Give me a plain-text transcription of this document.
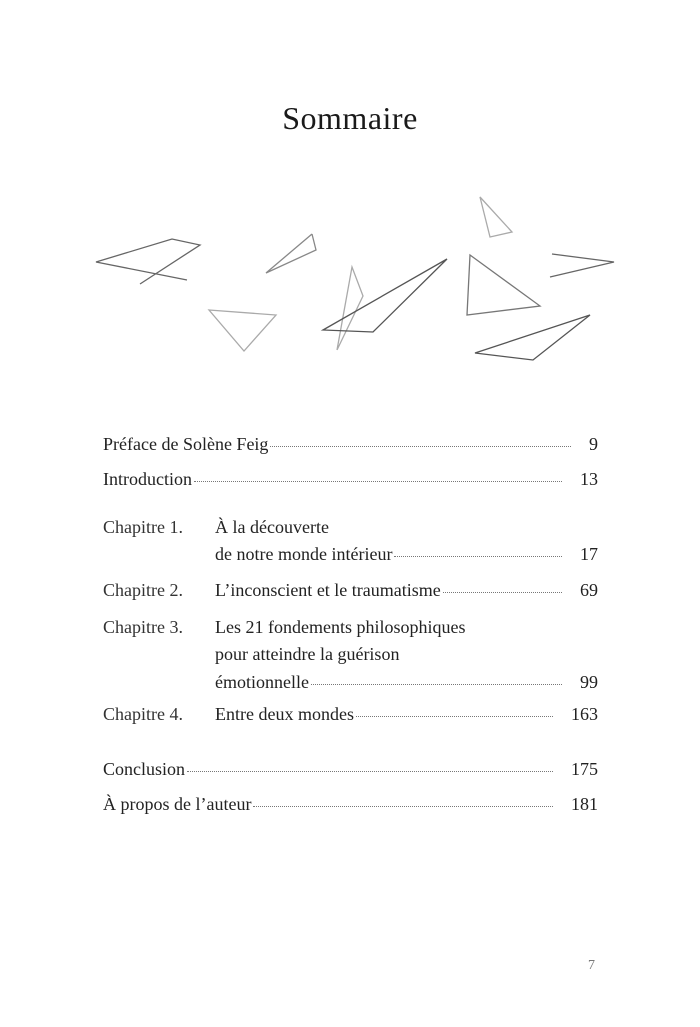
Sommaire
Préface de Solène Feig	9
Introduction	13
Chapitre 1.	À la découverte
de notre monde intérieur	17
Chapitre 2.	L’inconscient et le traumatisme	69
Chapitre 3.	Les 21 fondements philosophiques
pour atteindre la guérison
émotionnelle	99
Chapitre 4.	Entre deux mondes	163
Conclusion	175
À propos de l’auteur	181
7
